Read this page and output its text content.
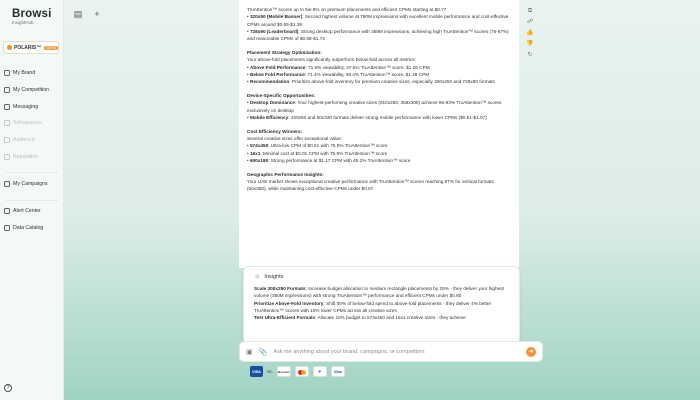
Browsi
InsightHub
POLARIS™	BETA
My Brand
My Competition
Messaging
Schequence
Audience
Reputation
My Campaigns
Alert Center
Data Catalog
?
▤ +	TruAttention™ scores up to 5ie.9% on premium placements and efficient CPMs starting at $0.77

• 320x50 (Mobile Banner): Second highest volume at 790M impressions with excellent mobile performance and cost-effective CPMs around $0.65-$1.38

• 728x90 (Leaderboard): Strong desktop performance with 368M impressions, achieving high TruAttention™ scores (76-87%) and reasonable CPMs of $0.88-$1.74

Placement Strategy Optimization:

Your above-fold placements significantly outperform below-fold across all metrics:

• Above Fold Performance: 71.9% viewability, 37.6% TruAttention™ score, $1.26 CPM

• Below Fold Performance: 71.4% viewability, 38.4% TruAttention™ score, $1.39 CPM

• Recommendation: Prioritize above-fold inventory for premium creative sizes, especially 300x250 and 728x90 formats

Device-Specific Opportunities:

• Desktop Dominance: Your highest-performing creative sizes (810x250, 358x300) achieve 86-93% TruAttention™ scores exclusively on desktop

• Mobile Efficiency: 320x50 and 50x320 formats deliver strong mobile performance with lower CPMs ($0.81-$1.07)

Cost Efficiency Winners:

Several creative sizes offer exceptional value:

• 574x450: Ultra-low CPM of $0.51 with 76.5% TruAttention™ score

• 16x1: Minimal cost at $0.01 CPM with 75.9% TruAttention™ score

• 600x180: Strong performance at $1.17 CPM with 45.2% TruAttention™ score

Geographic Performance Insights:

Your UAE market shows exceptional creative performance with TruAttention™ scores reaching 87% for vertical formats (50x350), while maintaining cost-effective CPMs under $0.67.

⧉
☍
👍
👎
↻
☼ Insights

Scale 300x250 Formats: Increase budget allocation to medium rectangle placements by 25% - they deliver your highest volume (380M impressions) with strong TruAttention™ performance and efficient CPMs under $0.80

Prioritize Above-Fold Inventory: Shift 30% of below-fold spend to above-fold placements - they deliver 4% better TruAttention™ scores with 10% lower CPMs across all creative sizes

Test Ultra-Efficient Formats: Allocate 10% budget to 574x450 and 16x1 creative sizes - they achieve

▣ 📎
Ask me anything about your brand, campaigns, or competitors	➜
VISA	vs. discover	P	Visa
